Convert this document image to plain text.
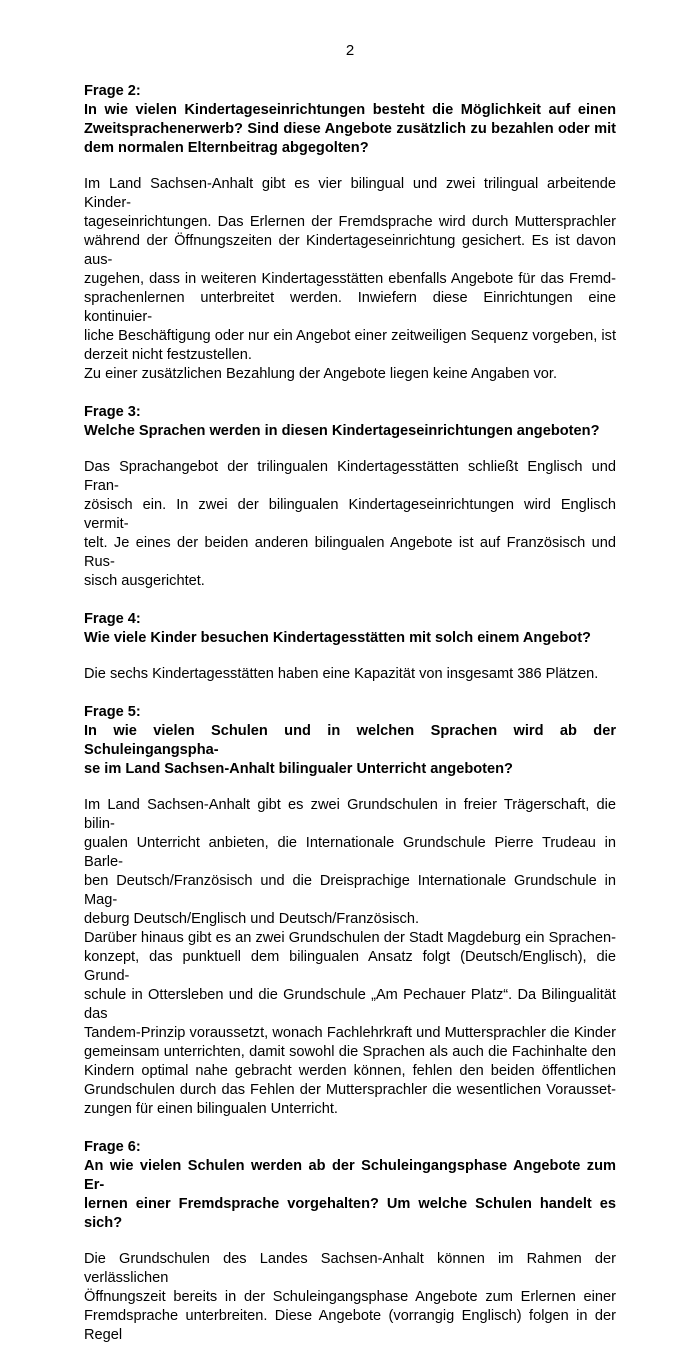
2

Frage 2:

In wie vielen Kindertageseinrichtungen besteht die Möglichkeit auf einen
Zweitsprachenerwerb? Sind diese Angebote zusätzlich zu bezahlen oder mit
dem normalen Elternbeitrag abgegolten?

Im Land Sachsen-Anhalt gibt es vier bilingual und zwei trilingual arbeitende Kinder-
tageseinrichtungen. Das Erlernen der Fremdsprache wird durch Muttersprachler
während der Öffnungszeiten der Kindertageseinrichtung gesichert. Es ist davon aus-
zugehen, dass in weiteren Kindertagesstätten ebenfalls Angebote für das Fremd-
sprachenlernen unterbreitet werden. Inwiefern diese Einrichtungen eine kontinuier-
liche Beschäftigung oder nur ein Angebot einer zeitweiligen Sequenz vorgeben, ist
derzeit nicht festzustellen.
Zu einer zusätzlichen Bezahlung der Angebote liegen keine Angaben vor.

Frage 3:

Welche Sprachen werden in diesen Kindertageseinrichtungen angeboten?

Das Sprachangebot der trilingualen Kindertagesstätten schließt Englisch und Fran-
zösisch ein. In zwei der bilingualen Kindertageseinrichtungen wird Englisch vermit-
telt. Je eines der beiden anderen bilingualen Angebote ist auf Französisch und Rus-
sisch ausgerichtet.

Frage 4:

Wie viele Kinder besuchen Kindertagesstätten mit solch einem Angebot?

Die sechs Kindertagesstätten haben eine Kapazität von insgesamt 386 Plätzen.

Frage 5:

In wie vielen Schulen und in welchen Sprachen wird ab der Schuleingangspha-
se im Land Sachsen-Anhalt bilingualer Unterricht angeboten?

Im Land Sachsen-Anhalt gibt es zwei Grundschulen in freier Trägerschaft, die bilin-
gualen Unterricht anbieten, die Internationale Grundschule Pierre Trudeau in Barle-
ben Deutsch/Französisch und die Dreisprachige Internationale Grundschule in Mag-
deburg Deutsch/Englisch und Deutsch/Französisch.
Darüber hinaus gibt es an zwei Grundschulen der Stadt Magdeburg ein Sprachen-
konzept, das punktuell dem bilingualen Ansatz folgt (Deutsch/Englisch), die Grund-
schule in Ottersleben und die Grundschule „Am Pechauer Platz“. Da Bilingualität das
Tandem-Prinzip voraussetzt, wonach Fachlehrkraft und Muttersprachler die Kinder
gemeinsam unterrichten, damit sowohl die Sprachen als auch die Fachinhalte den
Kindern optimal nahe gebracht werden können, fehlen den beiden öffentlichen
Grundschulen durch das Fehlen der Muttersprachler die wesentlichen Vorausset-
zungen für einen bilingualen Unterricht.

Frage 6:

An wie vielen Schulen werden ab der Schuleingangsphase Angebote zum Er-
lernen einer Fremdsprache vorgehalten? Um welche Schulen handelt es sich?

Die Grundschulen des Landes Sachsen-Anhalt können im Rahmen der verlässlichen
Öffnungszeit bereits in der Schuleingangsphase Angebote zum Erlernen einer
Fremdsprache unterbreiten. Diese Angebote (vorrangig Englisch) folgen in der Regel
